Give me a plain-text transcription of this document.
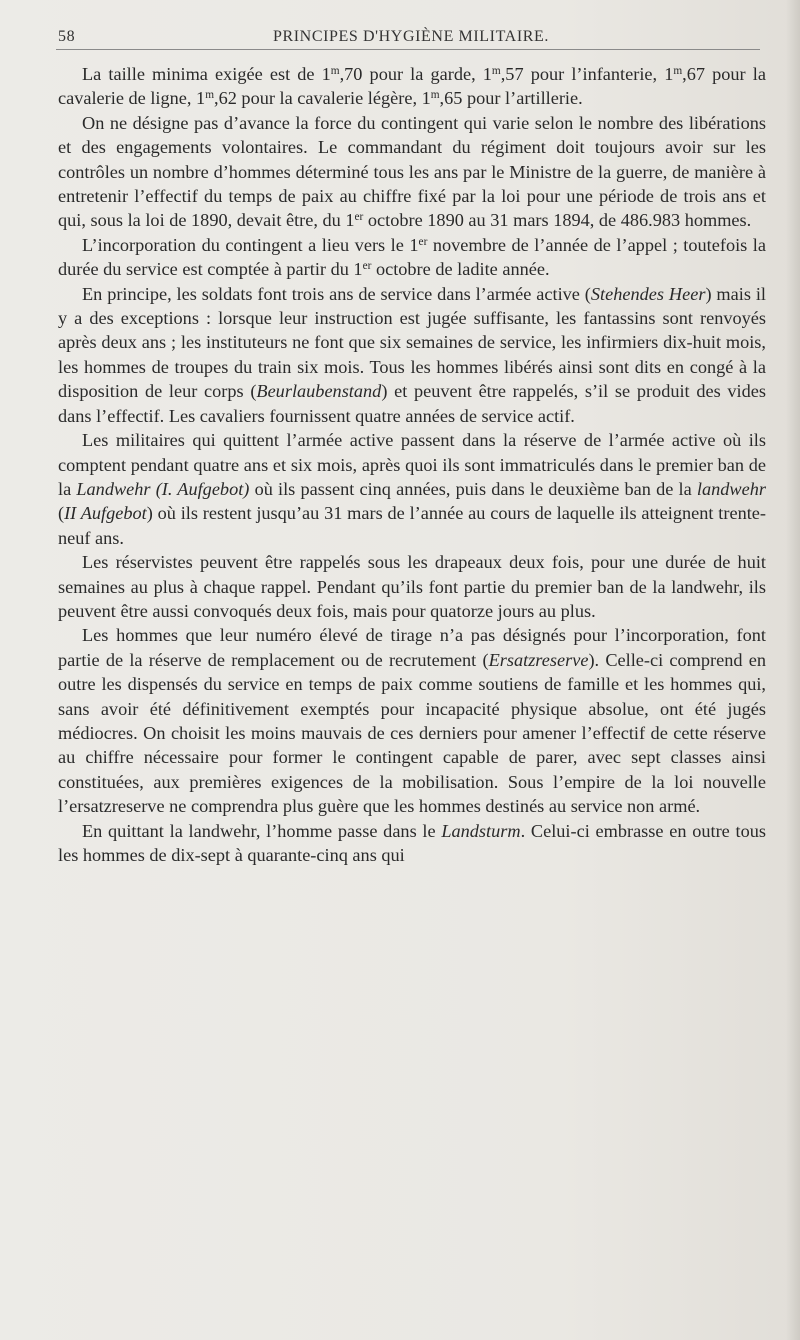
58	PRINCIPES D'HYGIÈNE MILITAIRE.

La taille minima exigée est de 1$^m$,70 pour la garde, 1$^m$,57 pour l’infanterie, 1$^m$,67 pour la cavalerie de ligne, 1$^m$,62 pour la cavalerie légère, 1$^m$,65 pour l’artillerie.

On ne désigne pas d’avance la force du contingent qui varie selon le nombre des libérations et des engagements volontaires. Le commandant du régiment doit toujours avoir sur les contrôles un nombre d’hommes déterminé tous les ans par le Ministre de la guerre, de manière à entretenir l’effectif du temps de paix au chiffre fixé par la loi pour une période de trois ans et qui, sous la loi de 1890, devait être, du 1er octobre 1890 au 31 mars 1894, de 486.983 hommes.

L’incorporation du contingent a lieu vers le 1er novembre de l’année de l’appel ; toutefois la durée du service est comptée à partir du 1er octobre de ladite année.

En principe, les soldats font trois ans de service dans l’armée active (Stehendes Heer) mais il y a des exceptions : lorsque leur instruction est jugée suffisante, les fantassins sont renvoyés après deux ans ; les instituteurs ne font que six semaines de service, les infirmiers dix-huit mois, les hommes de troupes du train six mois. Tous les hommes libérés ainsi sont dits en congé à la disposition de leur corps (Beurlaubenstand) et peuvent être rappelés, s’il se produit des vides dans l’effectif. Les cavaliers fournissent quatre années de service actif.

Les militaires qui quittent l’armée active passent dans la réserve de l’armée active où ils comptent pendant quatre ans et six mois, après quoi ils sont immatriculés dans le premier ban de la Landwehr (I. Aufgebot) où ils passent cinq années, puis dans le deuxième ban de la landwehr (II Aufgebot) où ils restent jusqu’au 31 mars de l’année au cours de laquelle ils atteignent trente-neuf ans.

Les réservistes peuvent être rappelés sous les drapeaux deux fois, pour une durée de huit semaines au plus à chaque rappel. Pendant qu’ils font partie du premier ban de la landwehr, ils peuvent être aussi convoqués deux fois, mais pour quatorze jours au plus.

Les hommes que leur numéro élevé de tirage n’a pas désignés pour l’incorporation, font partie de la réserve de remplacement ou de recrutement (Ersatzreserve). Celle-ci comprend en outre les dispensés du service en temps de paix comme soutiens de famille et les hommes qui, sans avoir été définitivement exemptés pour incapacité physique absolue, ont été jugés médiocres. On choisit les moins mauvais de ces derniers pour amener l’effectif de cette réserve au chiffre nécessaire pour former le contingent capable de parer, avec sept classes ainsi constituées, aux premières exigences de la mobilisation. Sous l’empire de la loi nouvelle l’ersatzreserve ne comprendra plus guère que les hommes destinés au service non armé.

En quittant la landwehr, l’homme passe dans le Landsturm. Celui-ci embrasse en outre tous les hommes de dix-sept à quarante-cinq ans qui
